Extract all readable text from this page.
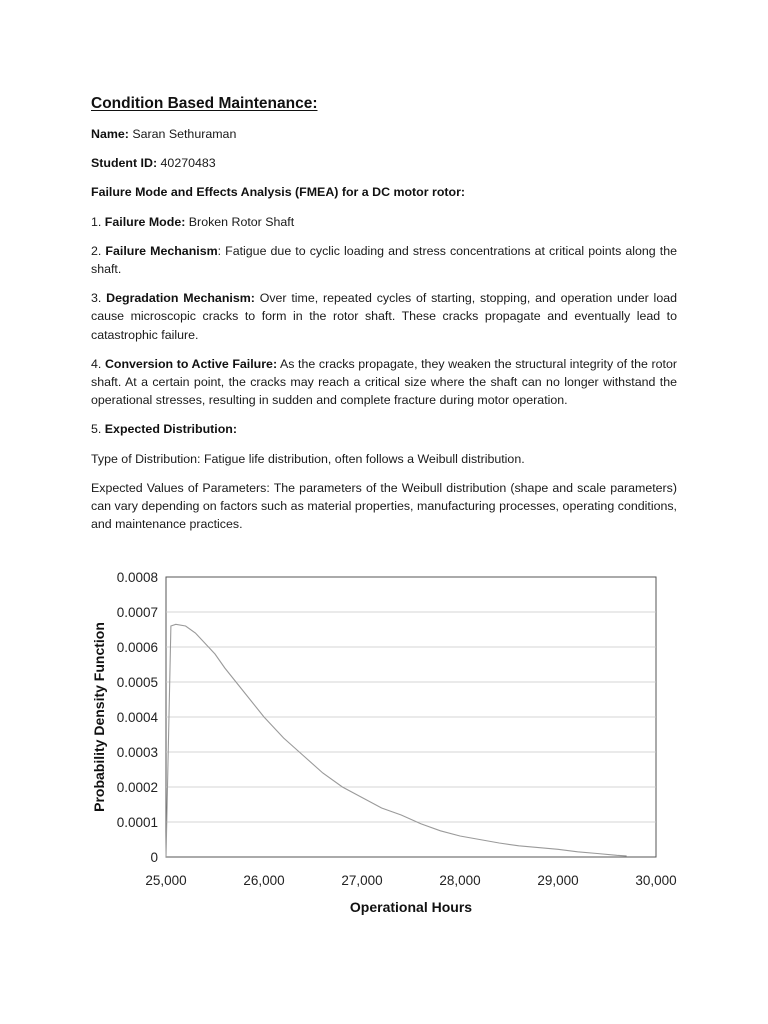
Condition Based Maintenance:

Name: Saran Sethuraman

Student ID: 40270483

Failure Mode and Effects Analysis (FMEA) for a DC motor rotor:

1. Failure Mode: Broken Rotor Shaft

2. Failure Mechanism: Fatigue due to cyclic loading and stress concentrations at critical points along the shaft.

3. Degradation Mechanism: Over time, repeated cycles of starting, stopping, and operation under load cause microscopic cracks to form in the rotor shaft. These cracks propagate and eventually lead to catastrophic failure.

4. Conversion to Active Failure: As the cracks propagate, they weaken the structural integrity of the rotor shaft. At a certain point, the cracks may reach a critical size where the shaft can no longer withstand the operational stresses, resulting in sudden and complete fracture during motor operation.

5. Expected Distribution:

Type of Distribution: Fatigue life distribution, often follows a Weibull distribution.

Expected Values of Parameters: The parameters of the Weibull distribution (shape and scale parameters) can vary depending on factors such as material properties, manufacturing processes, operating conditions, and maintenance practices.

0
0.0001
0.0002
0.0003
0.0004
0.0005
0.0006
0.0007
0.0008
25,000	26,000	27,000	28,000	29,000	30,000
Operational Hours
Probability Density Function
